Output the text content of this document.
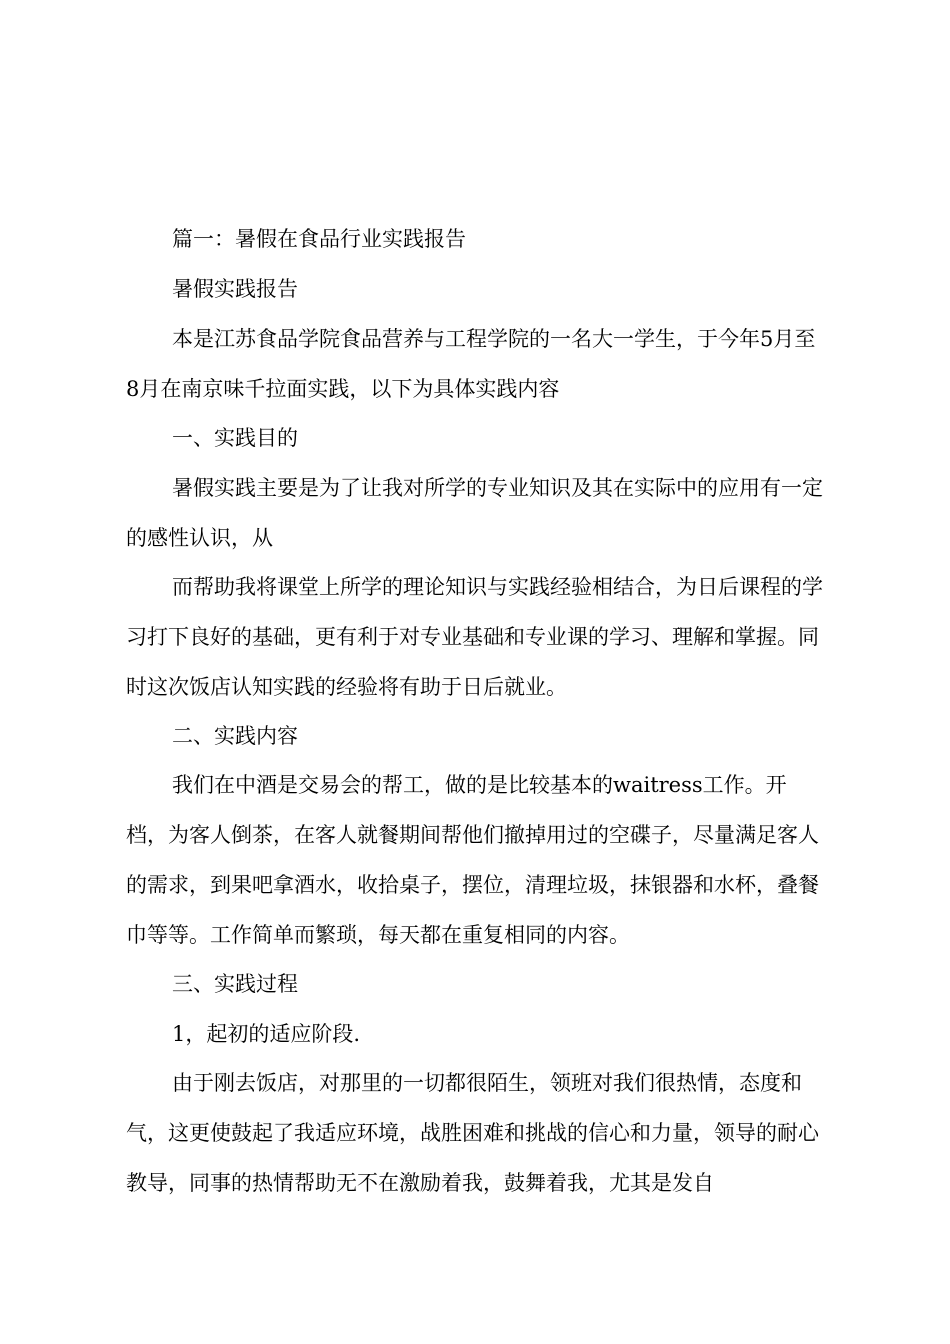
篇一：暑假在食品行业实践报告

暑假实践报告

本是江苏食品学院食品营养与工程学院的一名大一学生，于今年5月至8月在南京味千拉面实践，以下为具体实践内容

一、实践目的

暑假实践主要是为了让我对所学的专业知识及其在实际中的应用有一定的感性认识，从

而帮助我将课堂上所学的理论知识与实践经验相结合，为日后课程的学习打下良好的基础，更有利于对专业基础和专业课的学习、理解和掌握。同时这次饭店认知实践的经验将有助于日后就业。

二、实践内容

我们在中酒是交易会的帮工，做的是比较基本的waitress工作。开档，为客人倒茶，在客人就餐期间帮他们撤掉用过的空碟子，尽量满足客人的需求，到果吧拿酒水，收拾桌子，摆位，清理垃圾，抹银器和水杯，叠餐巾等等。工作简单而繁琐，每天都在重复相同的内容。

三、实践过程

1，起初的适应阶段.

由于刚去饭店，对那里的一切都很陌生，领班对我们很热情，态度和气，这更使鼓起了我适应环境，战胜困难和挑战的信心和力量，领导的耐心教导，同事的热情帮助无不在激励着我，鼓舞着我，尤其是发自
